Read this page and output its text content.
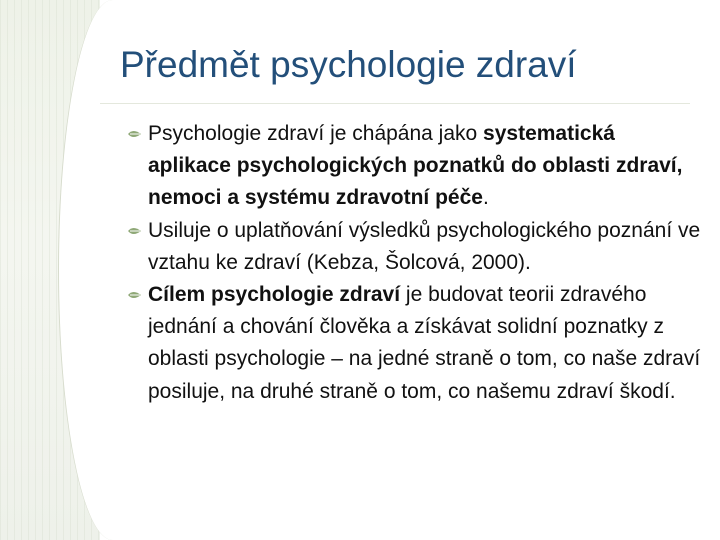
Předmět psychologie zdraví
Psychologie zdraví je chápána jako systematická aplikace psychologických poznatků do oblasti zdraví, nemoci a systému zdravotní péče.
Usiluje o uplatňování výsledků psychologického poznání ve vztahu ke zdraví (Kebza, Šolcová, 2000).
Cílem psychologie zdraví je budovat teorii zdravého jednání a chování člověka a získávat solidní poznatky z oblasti psychologie – na jedné straně o tom, co naše zdraví posiluje, na druhé straně o tom, co našemu zdraví škodí.
